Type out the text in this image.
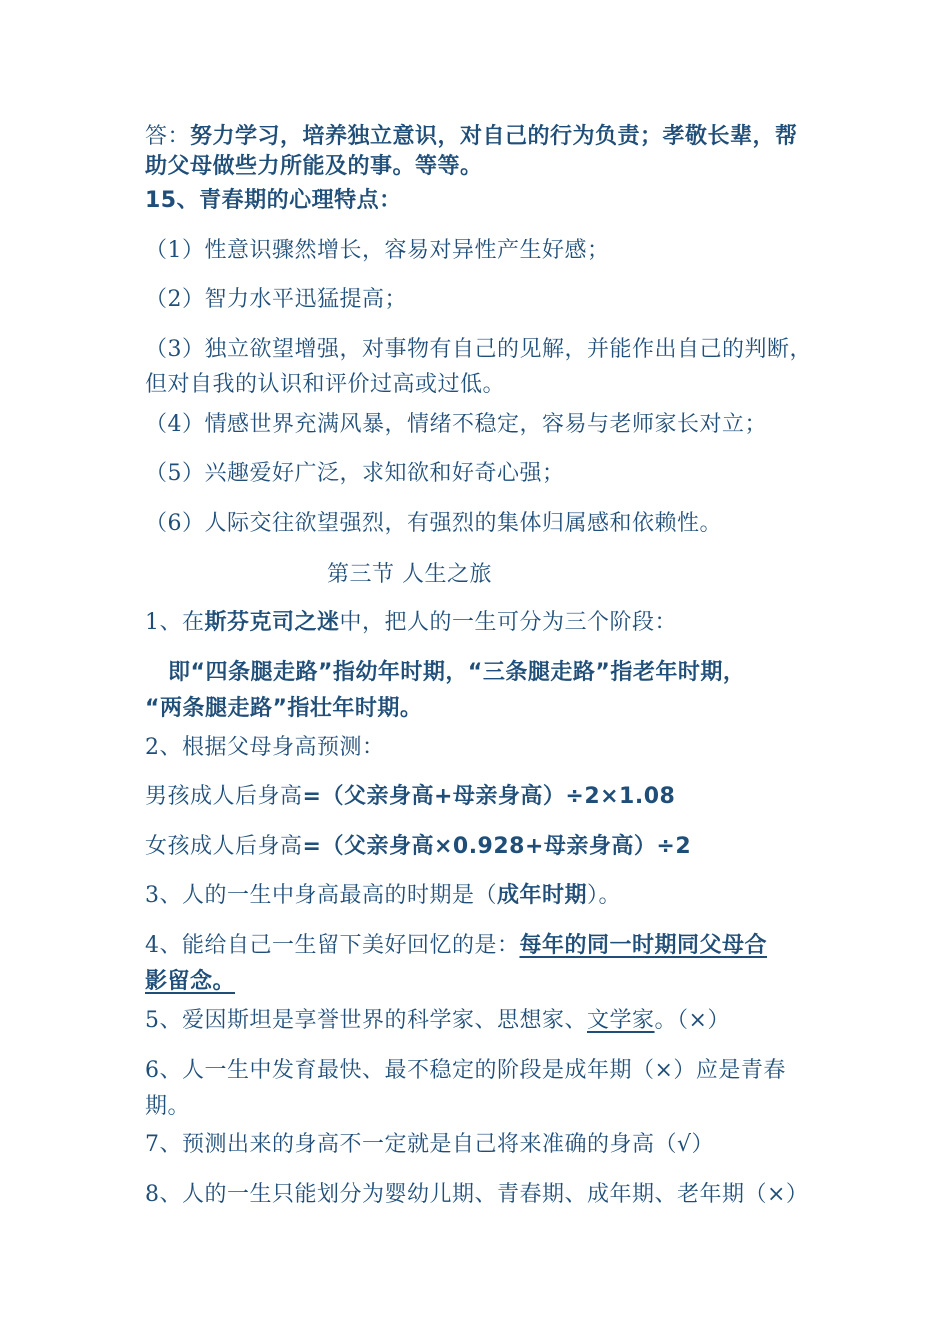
答：努力学习，培养独立意识，对自己的行为负责；孝敬长辈，帮
助父母做些力所能及的事。等等。
15、青春期的心理特点：
（1）性意识骤然增长，容易对异性产生好感；
（2）智力水平迅猛提高；
（3）独立欲望增强，对事物有自己的见解，并能作出自己的判断，
但对自我的认识和评价过高或过低。
（4）情感世界充满风暴，情绪不稳定，容易与老师家长对立；
（5）兴趣爱好广泛，求知欲和好奇心强；
（6）人际交往欲望强烈，有强烈的集体归属感和依赖性。
第三节 人生之旅
1、在斯芬克司之迷中，把人的一生可分为三个阶段：
即“四条腿走路”指幼年时期，“三条腿走路”指老年时期，
“两条腿走路”指壮年时期。
2、根据父母身高预测：
男孩成人后身高=（父亲身高+母亲身高）÷2×1.08
女孩成人后身高=（父亲身高×0.928+母亲身高）÷2
3、人的一生中身高最高的时期是（成年时期）。
4、能给自己一生留下美好回忆的是：每年的同一时期同父母合
影留念。
5、爱因斯坦是享誉世界的科学家、思想家、文学家。（×）
6、人一生中发育最快、最不稳定的阶段是成年期（×）应是青春
期。
7、预测出来的身高不一定就是自己将来准确的身高（√）
8、人的一生只能划分为婴幼儿期、青春期、成年期、老年期（×）
